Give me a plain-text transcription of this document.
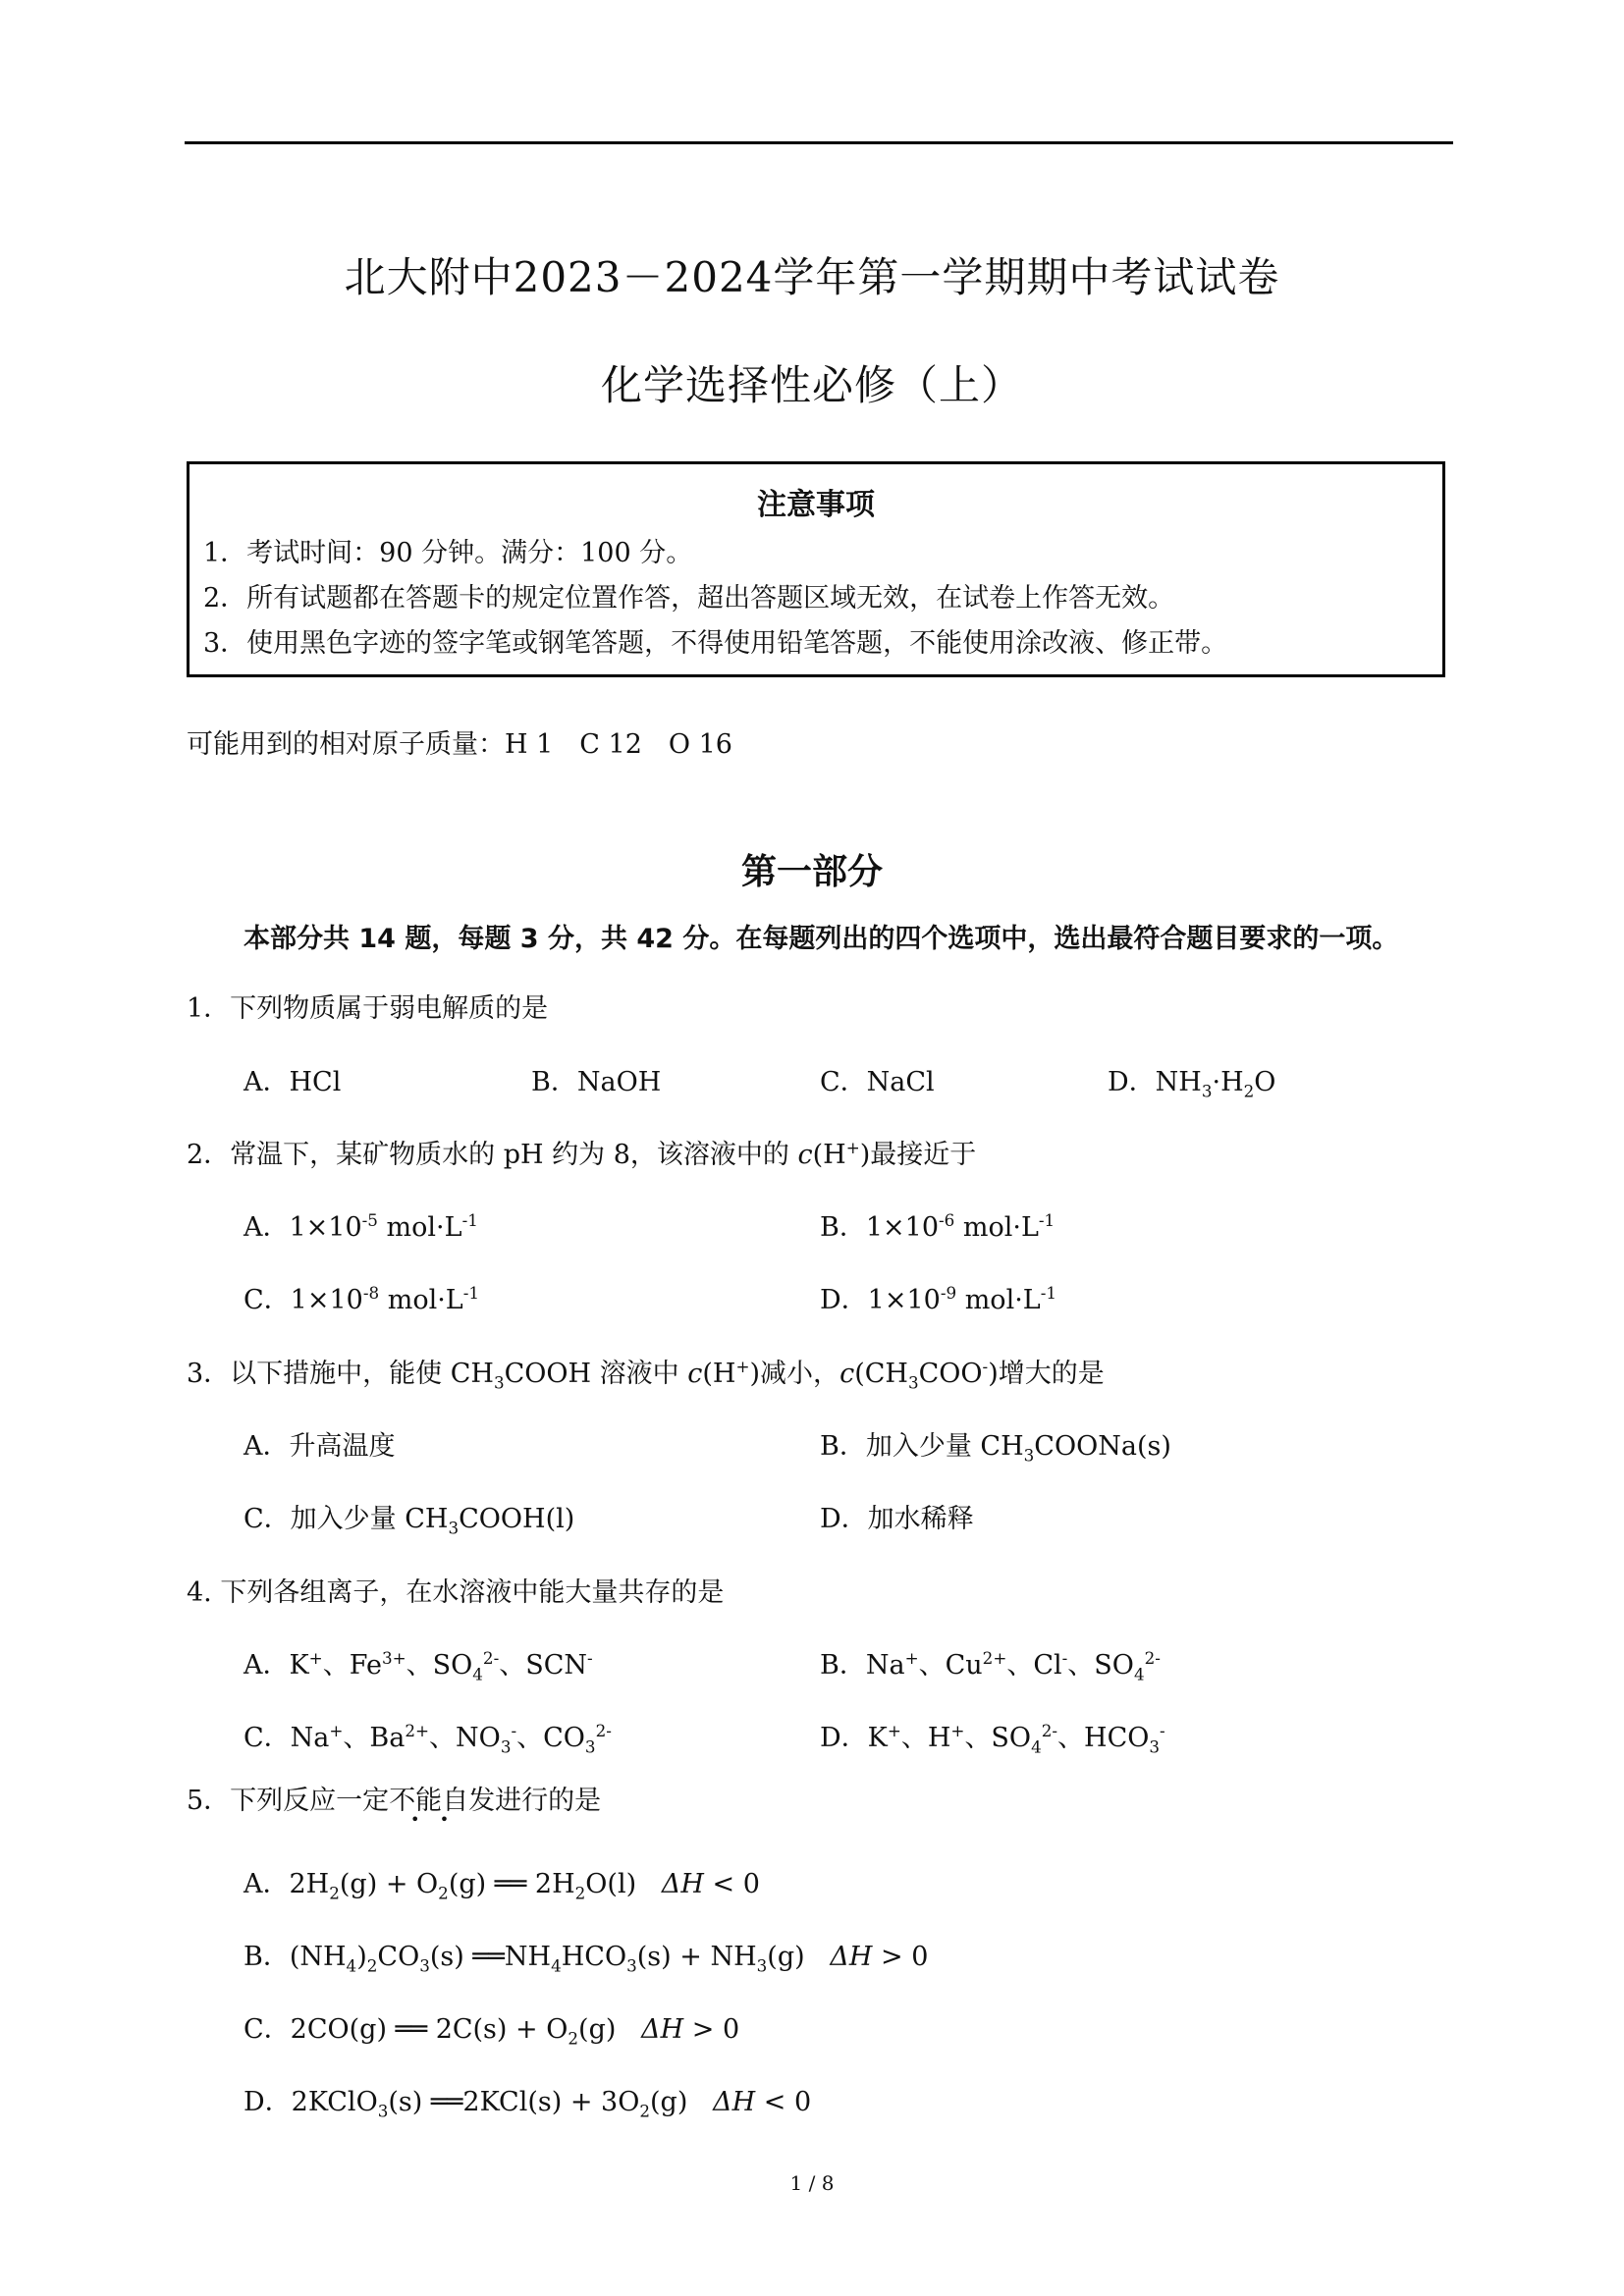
北大附中2023－2024学年第一学期期中考试试卷
化学选择性必修（上）
注意事项
1．考试时间：90 分钟。满分：100 分。
2．所有试题都在答题卡的规定位置作答，超出答题区域无效，在试卷上作答无效。
3．使用黑色字迹的签字笔或钢笔答题，不得使用铅笔答题，不能使用涂改液、修正带。
可能用到的相对原子质量：H 1　C 12　O 16
第一部分
本部分共 14 题，每题 3 分，共 42 分。在每题列出的四个选项中，选出最符合题目要求的一项。
1．下列物质属于弱电解质的是
A．HCl	B．NaOH	C．NaCl	D．$NH_3\cdot H_2O$
2．常温下，某矿物质水的 pH 约为 8，该溶液中的 c(H+)最接近于
A．$1\times 10^{-5}$ $mol\cdot L^{-1}$	B．$1\times 10^{-6}$ $mol\cdot L^{-1}$
C．$1\times 10^{-8}$ $mol\cdot L^{-1}$	D．$1\times 10^{-9}$ $mol\cdot L^{-1}$
3．以下措施中，能使 $CH_3COOH$ 溶液中 c(H+)减小，$c(CH_3COO^-)$增大的是
A．升高温度	B．加入少量 $CH_3COONa(s)$
C．加入少量 $CH_3COOH(l)$	D．加水稀释
4. 下列各组离子，在水溶液中能大量共存的是
A．K+、$Fe^{3+}$、$SO_4^{2-}$、SCN-	B．Na+、$Cu^{2+}$、Cl-、$SO_4^{2-}$
C．Na+、$Ba^{2+}$、$NO_3^-$、$CO_3^{2-}$	D．K+、H+、$SO_4^{2-}$、$HCO_3^-$
5．下列反应一定不能自发进行的是
•    •
A．$2H_2(g) + O_2(g)$ ══ $2H_2O(l) \Delta H < 0$
B．$(NH_4)_2CO_3(s)$ $══NH_4HCO_3(s) + NH_3(g) \Delta H > 0$
C．2CO(g) ══ $2C(s) + O_2(g) \Delta H > 0$
D．2KClO$_3$(s) ══2KCl(s) + $3O_2(g) \Delta H < 0$
1 / 8
